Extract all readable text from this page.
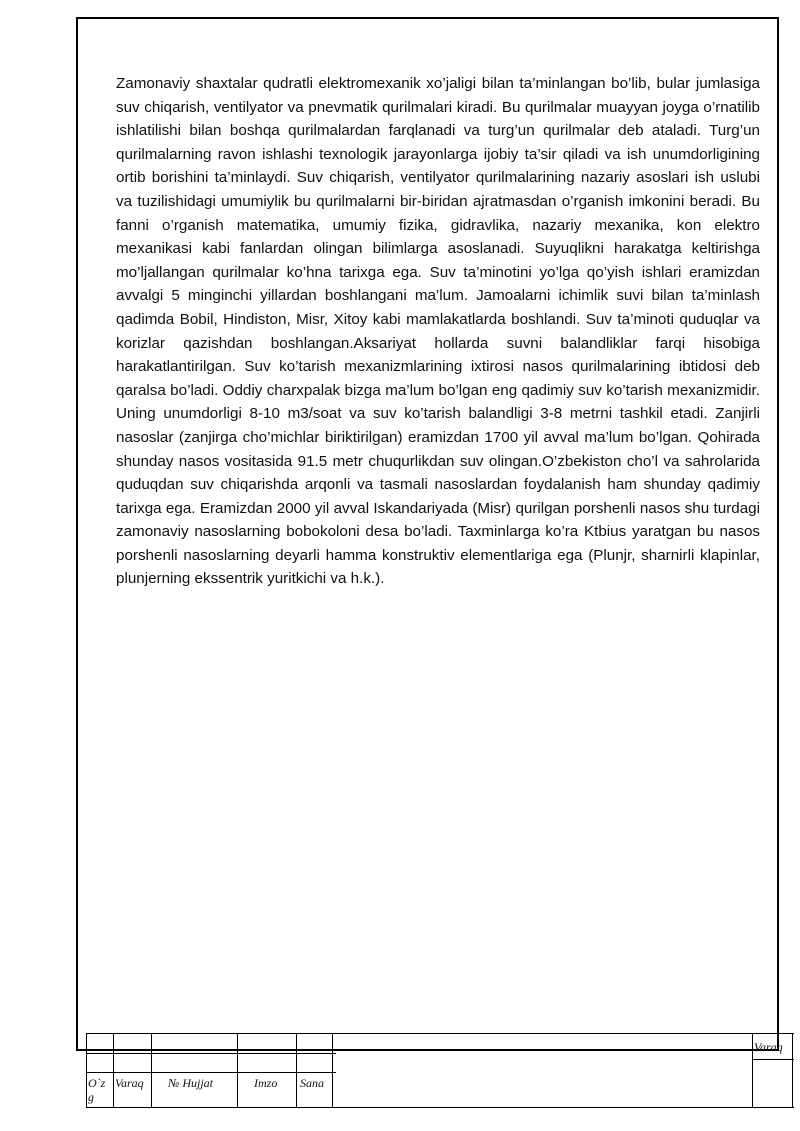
Zamonaviy shaxtalar qudratli elektromexanik xo’jaligi bilan ta’minlangan bo’lib, bular jumlasiga suv chiqarish, ventilyator va pnevmatik qurilmalari kiradi. Bu qurilmalar muayyan joyga o’rnatilib ishlatilishi bilan boshqa qurilmalardan farqlanadi va turg’un qurilmalar deb ataladi. Turg’un qurilmalarning ravon ishlashi texnologik jarayonlarga ijobiy ta’sir qiladi va ish unumdorligining ortib borishini ta’minlaydi. Suv chiqarish, ventilyator qurilmalarining nazariy asoslari ish uslubi va tuzilishidagi umumiylik bu qurilmalarni bir-biridan ajratmasdan o’rganish imkonini beradi. Bu fanni o’rganish matematika, umumiy fizika, gidravlika, nazariy mexanika, kon elektro mexanikasi kabi fanlardan olingan bilimlarga asoslanadi. Suyuqlikni harakatga keltirishga mo’ljallangan qurilmalar ko’hna tarixga ega. Suv ta’minotini yo’lga qo’yish ishlari eramizdan avvalgi 5 minginchi yillardan boshlangani ma’lum. Jamoalarni ichimlik suvi bilan ta’minlash qadimda Bobil, Hindiston, Misr, Xitoy kabi mamlakatlarda boshlandi. Suv ta’minoti quduqlar va korizlar qazishdan boshlangan.Aksariyat hollarda suvni balandliklar farqi hisobiga harakatlantirilgan. Suv ko’tarish mexanizmlarining ixtirosi nasos qurilmalarining ibtidosi deb qaralsa bo’ladi. Oddiy charxpalak bizga ma’lum bo’lgan eng qadimiy suv ko’tarish mexanizmidir. Uning unumdorligi 8-10 m3/soat va suv ko’tarish balandligi 3-8 metrni tashkil etadi. Zanjirli nasoslar (zanjirga cho’michlar biriktirilgan) eramizdan 1700 yil avval ma’lum bo’lgan. Qohirada shunday nasos vositasida 91.5 metr chuqurlikdan suv olingan.O’zbekiston cho’l va sahrolarida quduqdan suv chiqarishda arqonli va tasmali nasoslardan foydalanish ham shunday qadimiy tarixga ega. Eramizdan 2000 yil avval Iskandariyada (Misr) qurilgan porshenli nasos shu turdagi zamonaviy nasoslarning bobokoloni desa bo’ladi. Taxminlarga ko’ra Ktbius yaratgan bu nasos porshenli nasoslarning deyarli hamma konstruktiv elementlariga ega (Plunjr, sharnirli klapinlar, plunjerning ekssentrik yuritkichi va h.k.).

O`z g
Varaq № Hujjat	Imzo Sana
Varaq
